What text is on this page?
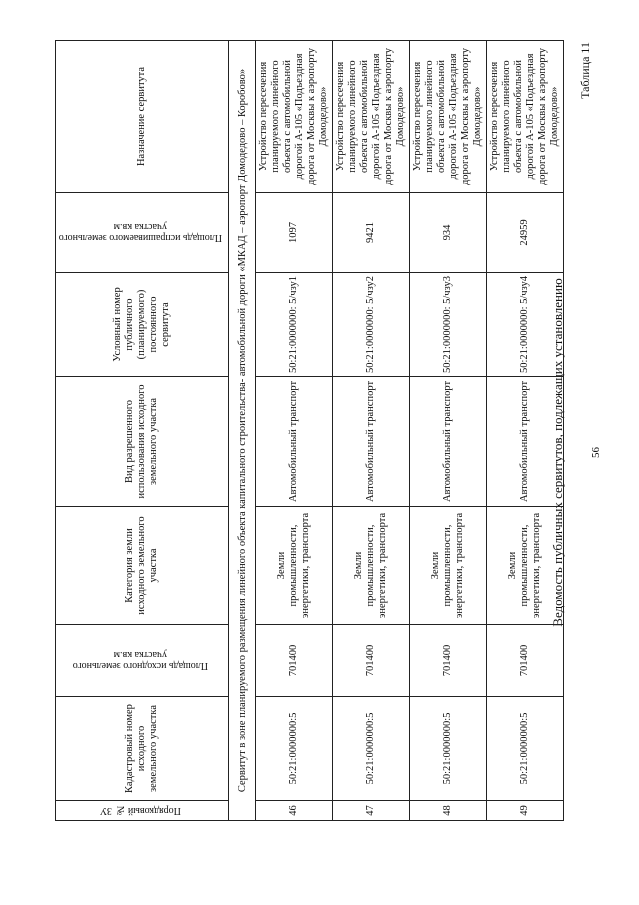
56
Ведомость публичных сервитутов, подлежащих установлению
Таблица 11
Порядковый № ЗУ	Кадастровый номер исходного земельного участка	Площадь исходного земельного участка кв.м	Категория земли исходного земельного участка	Вид разрешенного использования исходного земельного участка	Условный номер публичного (планируемого) постоянного сервитута	Площадь испрашиваемого земельного участка кв.м	Назначение сервитута
Сервитут в зоне планируемого размещения линейного объекта капитального строительства- автомобильной дороги «МКАД – аэропорт Домодедово – Коробово»							
46	50:21:0000000:5	701400	Земли промышленности, энергетики, транспорта	Автомобильный транспорт	50:21:0000000: 5/чзу1	1097	Устройство пересечения планируемого линейного объекта с автомобильной дорогой А-105 «Подъездная дорога от Москвы к аэропорту Домодедово»
47	50:21:0000000:5	701400	Земли промышленности, энергетики, транспорта	Автомобильный транспорт	50:21:0000000: 5/чзу2	9421	Устройство пересечения планируемого линейного объекта с автомобильной дорогой А-105 «Подъездная дорога от Москвы к аэропорту Домодедово»
48	50:21:0000000:5	701400	Земли промышленности, энергетики, транспорта	Автомобильный транспорт	50:21:0000000: 5/чзу3	934	Устройство пересечения планируемого линейного объекта с автомобильной дорогой А-105 «Подъездная дорога от Москвы к аэропорту Домодедово»
49	50:21:0000000:5	701400	Земли промышленности, энергетики, транспорта	Автомобильный транспорт	50:21:0000000: 5/чзу4	24959	Устройство пересечения планируемого линейного объекта с автомобильной дорогой А-105 «Подъездная дорога от Москвы к аэропорту Домодедово»
